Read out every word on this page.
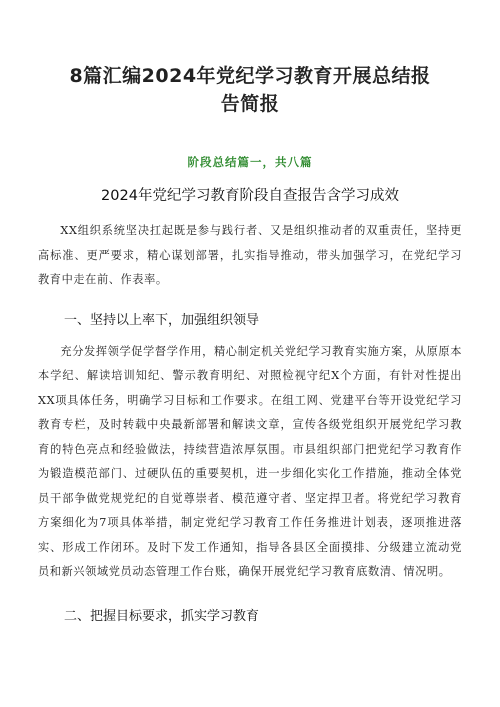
8篇汇编2024年党纪学习教育开展总结报
告简报
阶段总结篇一，共八篇
2024年党纪学习教育阶段自查报告含学习成效

XX组织系统坚决扛起既是参与践行者、又是组织推动者的双重责任，坚持更高标准、更严要求，精心谋划部署，扎实指导推动，带头加强学习，在党纪学习教育中走在前、作表率。

一、坚持以上率下，加强组织领导

充分发挥领学促学督学作用，精心制定机关党纪学习教育实施方案，从原原本本学纪、解读培训知纪、警示教育明纪、对照检视守纪X个方面，有针对性提出XX项具体任务，明确学习目标和工作要求。在组工网、党建平台等开设党纪学习教育专栏，及时转载中央最新部署和解读文章，宣传各级党组织开展党纪学习教育的特色亮点和经验做法，持续营造浓厚氛围。市县组织部门把党纪学习教育作为锻造模范部门、过硬队伍的重要契机，进一步细化实化工作措施，推动全体党员干部争做党规党纪的自觉尊崇者、模范遵守者、坚定捍卫者。将党纪学习教育方案细化为7项具体举措，制定党纪学习教育工作任务推进计划表，逐项推进落实、形成工作闭环。及时下发工作通知，指导各县区全面摸排、分级建立流动党员和新兴领域党员动态管理工作台账，确保开展党纪学习教育底数清、情况明。

二、把握目标要求，抓实学习教育
